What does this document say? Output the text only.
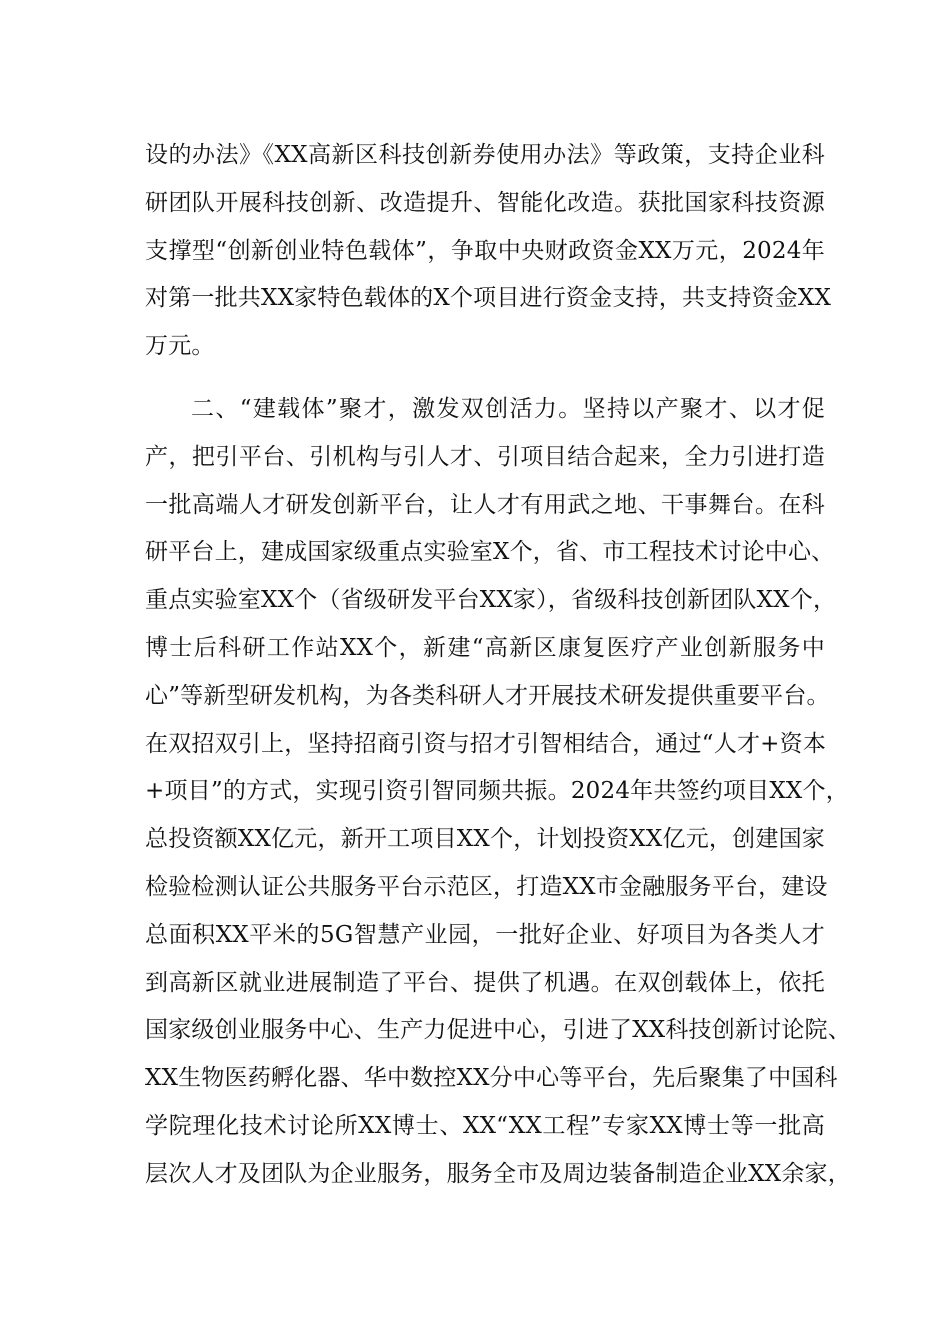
设的办法》《XX高新区科技创新券使用办法》等政策，支持企业科
研团队开展科技创新、改造提升、智能化改造。获批国家科技资源
支撑型“创新创业特色载体”，争取中央财政资金XX万元，2024年
对第一批共XX家特色载体的X个项目进行资金支持，共支持资金XX
万元。
二、“建载体”聚才，激发双创活力。坚持以产聚才、以才促
产，把引平台、引机构与引人才、引项目结合起来，全力引进打造
一批高端人才研发创新平台，让人才有用武之地、干事舞台。在科
研平台上，建成国家级重点实验室X个，省、市工程技术讨论中心、
重点实验室XX个（省级研发平台XX家），省级科技创新团队XX个，
博士后科研工作站XX个，新建“高新区康复医疗产业创新服务中
心”等新型研发机构，为各类科研人才开展技术研发提供重要平台。
在双招双引上，坚持招商引资与招才引智相结合，通过“人才+资本
+项目”的方式，实现引资引智同频共振。2024年共签约项目XX个，
总投资额XX亿元，新开工项目XX个，计划投资XX亿元，创建国家
检验检测认证公共服务平台示范区，打造XX市金融服务平台，建设
总面积XX平米的5G智慧产业园，一批好企业、好项目为各类人才
到高新区就业进展制造了平台、提供了机遇。在双创载体上，依托
国家级创业服务中心、生产力促进中心，引进了XX科技创新讨论院、
XX生物医药孵化器、华中数控XX分中心等平台，先后聚集了中国科
学院理化技术讨论所XX博士、XX“XX工程”专家XX博士等一批高
层次人才及团队为企业服务，服务全市及周边装备制造企业XX余家，
